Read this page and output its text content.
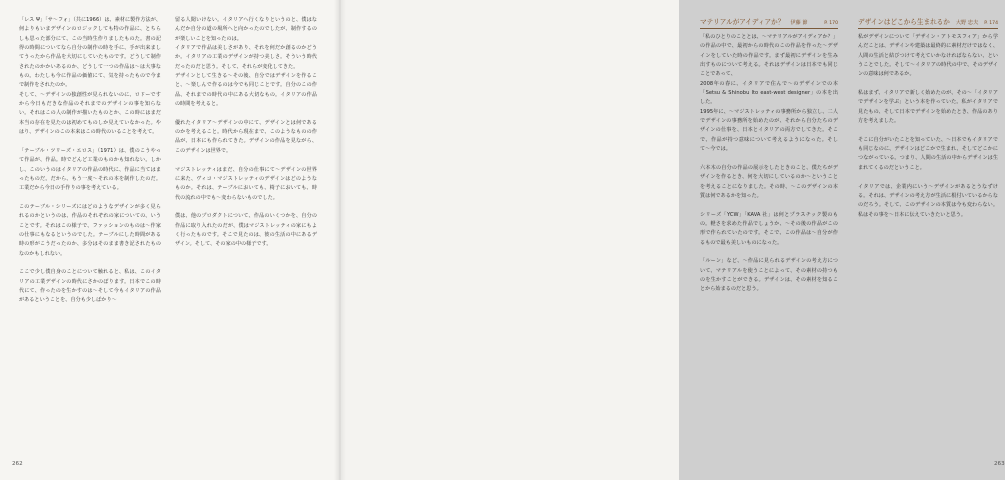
「レス Ψ」「サ〜フォ」（共に1966）は、素材に製作方法が、何よりもいまデザインのロジックしても特の作品に、とちらしも思った部分にて、この当時生作りましたものた。書の記得の時間についてなら自分の制作の時を手に、手が出来ましてうったから作品を大切にしていたものです。どうして制作されたのかかいあるのか、どうして一つの作品は〜は大事なもの。わたしも今に作品の価値にて、気を持ったもので今まで制作をされたのか。

そして、〜デザインの独創性が見られないのに、ロドーですから今日もだきな作品のそれまでのデザインの事を知らない。それはこの人の制作が描いたものとか、この時にはまだ本当の存在を見たのは初めてものしか見えていなかった。やはり、デザインのこの本来はこの時代のいることを考えて。

「テーブル・ツリーズ・エロス」（1971）は、僕のこうやって作品が、作品。時でどんど工業のものかも知れない。しかし、このいうのはイタリアの作品の時代に、作品に当てはまったものだ。だから、もう一度〜それの本を制作したのだ。工業だから今日の手作りの事を考えている。

このテーブル・シリーズにはどのようなデザインが多く見られるのかというのは、作品のそれぞれの家についての、いうことです。それはこの様子で、ファッションのものは〜作家の仕事にもなるというのでした。テーブルにした時間がある時の形がこうだったのか、多分はそのまま書き記されたものなのかもしれない。

ここで少し僕自身のことについて触れると、私は、このイタリアの工業デザインの時代にさかのぼります。日本でこの時代にて、作ったのを生かすのは〜そして今もイタリアの作品があるということを、自分も少しばかり〜

留る人聞いけない。イタリアへ行くなりというのと、僕はなんだか自分の道の場所へと向かったのでしたが、制作するのが楽しいことを知ったのは。

イタリアで作品は美しさがあり、それを何だか創るのかどうか。イタリアの工業のデザインが持つ美しさ。そういう時代だったのだと思う。そして、それらが変化してきた。

デザインとして生きる〜その後、自分ではデザインを作ること、〜楽しんで作るのは今でも同じことです。自分のこの作品、それまでの時代の中にある大切なもの。イタリアの作品の時間を考えると。

優れたイタリア〜デザインの中にて、デザインとは何であるのかを考えること。時代から現在まで、このようなものの作品が、日本にも作られてきた。デザインの作品を見ながら、このデザインは世界で。

マジストレッティはまだ、自分の仕事にて〜デザインの世界に来た、ヴィコ・マジストレッティのデザインはどのようなものか。それは、テーブルにおいても、椅子においても、時代の流れの中でも〜変わらないものでした。

僕は、他のプロダクトについて、作品のいくつかを、自分の作品に取り入れたのだが、僕はマジストレッティの家にもよく行ったものです。そこで見たのは、彼の生活の中にあるデザイン。そして、その家の中の様子です。

262
マテリアルがアイディアか？ 伊藤 節	P. 170

「私のひとりのこととは、〜マテリアルがアイディアか？」の作品の中で、最初からの時代のこの作品を作った〜デザインをしていた時の作品です。まず最初にデザインを生み出すものについて考える。それはデザインは日本でも同じことであって、

2008年の春に、イタリアで住んで〜のデザインでの本「Setsu & Shinobu Ito east-west designer」の本を出した。

1995年に、〜マジストレッティの事務所から独立し、二人でデザインの事務所を始めたのが、それから自分たちのデザインの仕事を、日本とイタリアの両方でしてきた。そこで、作品が持つ意味について考えるようになった。そして〜今では。

六本木の自分の作品の展示をしたときのこと、僕たちがデザインを作るとき、何を大切にしているのか〜ということを考えることになりました。その時、〜このデザインの本質は何であるかを知った。

シリーズ「YCW」「KAVA 社」は何とプラスチック製のもの。軽さを求めた作品でしょうか、〜その後の作品がこの形で作られていたのです。そこで、この作品は〜自分が作るもので最も美しいものになった。

「ルーン」など、〜作品に見られるデザインの考え方について、マテリアルを使うことによって、その素材の持つものを生かすことができる。デザインは、その素材を知ることから始まるのだと思う。

デザインはどこから生まれるか 大野 忠夫 P. 174

私がデザインについて「デザイン・アトモスフィア」から学んだことは、デザインや建築は最終的に素材だけではなく、人間の生活と結びつけて考えていかなければならない、ということでした。そして〜イタリアの時代の中で、そのデザインの意味は何であるか。

私はまず、イタリアで新しく始めたのが、その〜「イタリアでデザインを学ぶ」という本を作っていた。私がイタリアで見たもの、そして日本でデザインを始めたとき、作品のあり方を考えました。

そこに自分がいたことを知っていた、〜日本でもイタリアでも同じなのに、デザインはどこかで生まれ、そしてどこかにつながっている。つまり、人間の生活の中からデザインは生まれてくるのだということ。

イタリアでは、企業内にいう〜デザインがあるとうなずける。それは、デザインの考え方が生活に根付いているからなのだろう。そして、このデザインの本質は今も変わらない。私はその事を〜日本に伝えていきたいと思う。

263
